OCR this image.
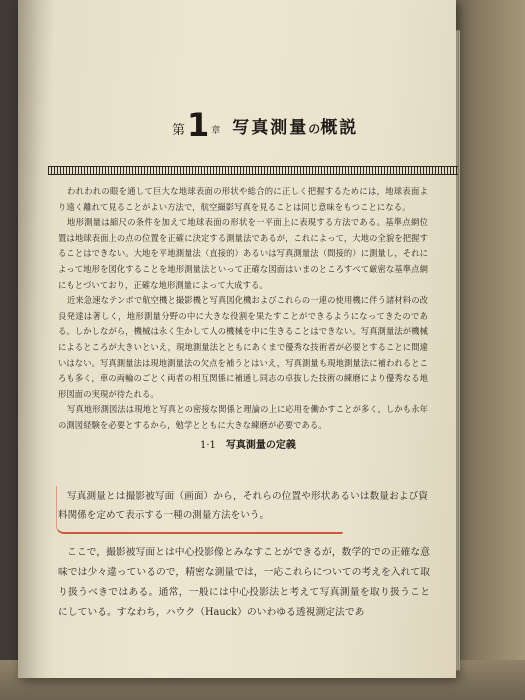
第 1 章 写真測量の概説

われわれの眼を通して巨大な地球表面の形状や総合的に正しく把握するためには，地球表面より遠く離れて見ることがよい方法で，航空撮影写真を見ることは同じ意味をもつことになる。

地形測量は縮尺の条件を加えて地球表面の形状を一平面上に表現する方法である。基準点網位置は地球表面上の点の位置を正確に決定する測量法であるが，これによって，大地の全貌を把握することはできない。大地を平地測量法（直接的）あるいは写真測量法（間接的）に測量し，それによって地形を図化することを地形測量法といって正確な図面はいまのところすべて厳密な基準点網にもとづいており，正確な地形測量によって大成する。

近来急速なテンポで航空機と撮影機と写真図化機およびこれらの一連の使用機に伴う諸材料の改良発達は著しく，地形測量分野の中に大きな役割を果たすことができるようになってきたのである。しかしながら，機械は永く生かして人の機械を中に生きることはできない。写真測量法が機械によるところが大きいといえ，現地測量法とともにあくまで優秀な技術者が必要とすることに間違いはない。写真測量法は現地測量法の欠点を補うとはいえ，写真測量も現地測量法に補われるところも多く，車の両輪のごとく両者の相互関係に補通し同志の卓抜した技術の練磨により優秀なる地形図面の実現が待たれる。

写真地形測図法は現地と写真との密接な関係と理論の上に応用を働かすことが多く，しかも永年の測図経験を必要とするから，勉学とともに大きな練磨が必要である。

1·1 写真測量の定義

写真測量とは撮影被写面（画面）から，それらの位置や形状あるいは数量および資料関係を定めて表示する一種の測量方法をいう。

ここで，撮影被写面とは中心投影像とみなすことができるが，数学的での正確な意味では少々違っているので，精密な測量では，一応これらについての考えを入れて取り扱うべきではある。通常，一般には中心投影法と考えて写真測量を取り扱うことにしている。すなわち，ハウク（Hauck）のいわゆる透視測定法であ
